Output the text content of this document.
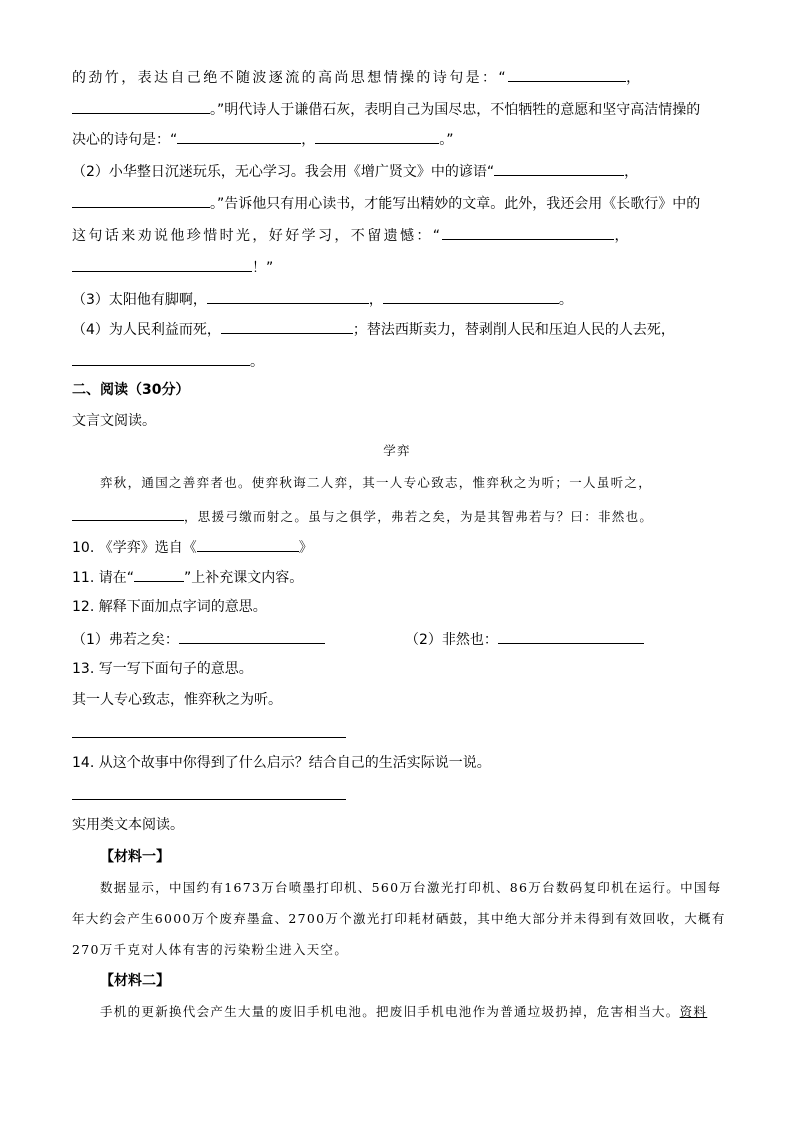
的劲竹，表达自己绝不随波逐流的高尚思想情操的诗句是：“	，
。”明代诗人于谦借石灰，表明自己为国尽忠，不怕牺牲的意愿和坚守高洁情操的
决心的诗句是：“	，	。”
（2）小华整日沉迷玩乐，无心学习。我会用《增广贤文》中的谚语“	，
。”告诉他只有用心读书，才能写出精妙的文章。此外，我还会用《长歌行》中的
这句话来劝说他珍惜时光，好好学习，不留遗憾：“	，
！”
（3）太阳他有脚啊，	，	。
（4）为人民利益而死，	；替法西斯卖力，替剥削人民和压迫人民的人去死，
。
二、阅读（30分）
文言文阅读。
学弈
弈秋，通国之善弈者也。使弈秋诲二人弈，其一人专心致志，惟弈秋之为听；一人虽听之，
，思援弓缴而射之。虽与之俱学，弗若之矣，为是其智弗若与？曰：非然也。
10. 《学弈》选自《	》
11. 请在“	”上补充课文内容。
12. 解释下面加点字词的意思。
（1）弗若之矣：	（2）非然也：
13. 写一写下面句子的意思。
其一人专心致志，惟弈秋之为听。
14. 从这个故事中你得到了什么启示？结合自己的生活实际说一说。
实用类文本阅读。
【材料一】
数据显示，中国约有1673万台喷墨打印机、560万台激光打印机、86万台数码复印机在运行。中国每
年大约会产生6000万个废弃墨盒、2700万个激光打印耗材硒鼓，其中绝大部分并未得到有效回收，大概有
270万千克对人体有害的污染粉尘进入天空。
【材料二】
手机的更新换代会产生大量的废旧手机电池。把废旧手机电池作为普通垃圾扔掉，危害相当大。资料
